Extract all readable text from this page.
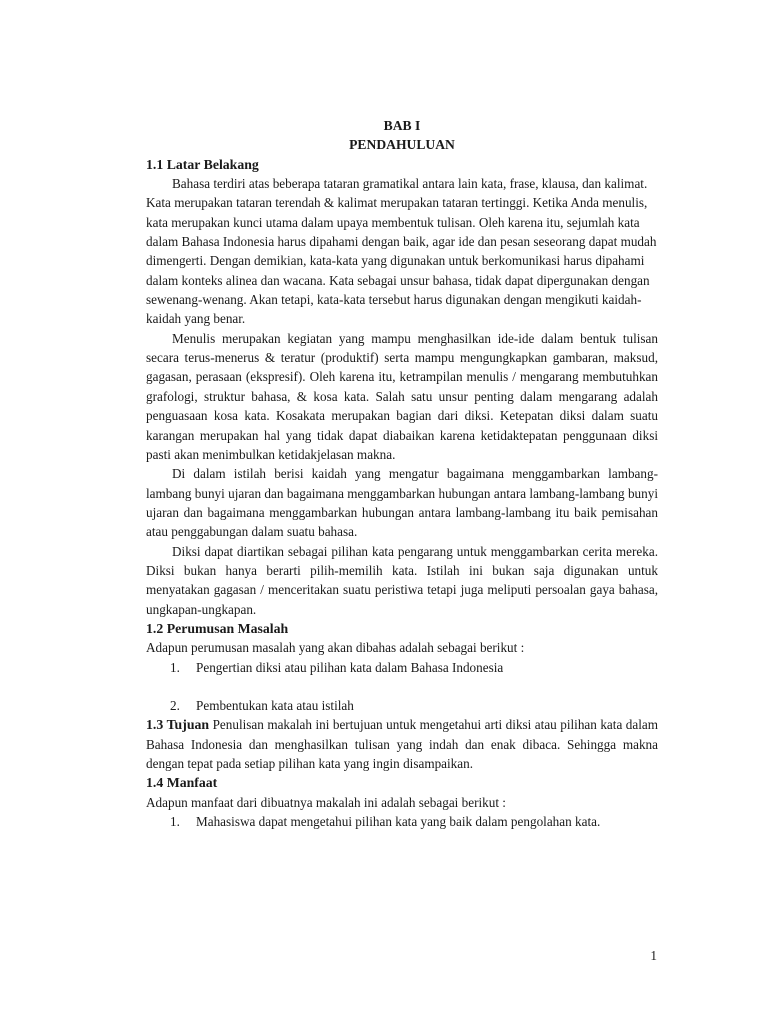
BAB I
PENDAHULUAN
1.1 Latar Belakang

Bahasa terdiri atas beberapa tataran gramatikal antara lain kata, frase, klausa, dan kalimat. Kata merupakan tataran terendah & kalimat merupakan tataran tertinggi. Ketika Anda menulis, kata merupakan kunci utama dalam upaya membentuk tulisan. Oleh karena itu, sejumlah kata dalam Bahasa Indonesia harus dipahami dengan baik, agar ide dan pesan seseorang dapat mudah dimengerti. Dengan demikian, kata-kata yang digunakan untuk berkomunikasi harus dipahami dalam konteks alinea dan wacana. Kata sebagai unsur bahasa, tidak dapat dipergunakan dengan sewenang-wenang. Akan tetapi, kata-kata tersebut harus digunakan dengan mengikuti kaidah-kaidah yang benar.

Menulis merupakan kegiatan yang mampu menghasilkan ide-ide dalam bentuk tulisan secara terus-menerus & teratur (produktif) serta mampu mengungkapkan gambaran, maksud, gagasan, perasaan (ekspresif). Oleh karena itu, ketrampilan menulis / mengarang membutuhkan grafologi, struktur bahasa, & kosa kata. Salah satu unsur penting dalam mengarang adalah penguasaan kosa kata. Kosakata merupakan bagian dari diksi. Ketepatan diksi dalam suatu karangan merupakan hal yang tidak dapat diabaikan karena ketidaktepatan penggunaan diksi pasti akan menimbulkan ketidakjelasan makna.

Di dalam istilah berisi kaidah yang mengatur bagaimana menggambarkan lambang-lambang bunyi ujaran dan bagaimana menggambarkan hubungan antara lambang-lambang bunyi ujaran dan bagaimana menggambarkan hubungan antara lambang-lambang itu baik pemisahan atau penggabungan dalam suatu bahasa.

Diksi dapat diartikan sebagai pilihan kata pengarang untuk menggambarkan cerita mereka. Diksi bukan hanya berarti pilih-memilih kata. Istilah ini bukan saja digunakan untuk menyatakan gagasan / menceritakan suatu peristiwa tetapi juga meliputi persoalan gaya bahasa, ungkapan-ungkapan.

1.2 Perumusan Masalah

Adapun perumusan masalah yang akan dibahas adalah sebagai berikut :

1.	Pengertian diksi atau pilihan kata dalam Bahasa Indonesia
2.	Pembentukan kata atau istilah
1.3 Tujuan Penulisan makalah ini bertujuan untuk mengetahui arti diksi atau pilihan kata dalam Bahasa Indonesia dan menghasilkan tulisan yang indah dan enak dibaca. Sehingga makna dengan tepat pada setiap pilihan kata yang ingin disampaikan.
1.4 Manfaat

Adapun manfaat dari dibuatnya makalah ini adalah sebagai berikut :

1.	Mahasiswa dapat mengetahui pilihan kata yang baik dalam pengolahan kata.
1
